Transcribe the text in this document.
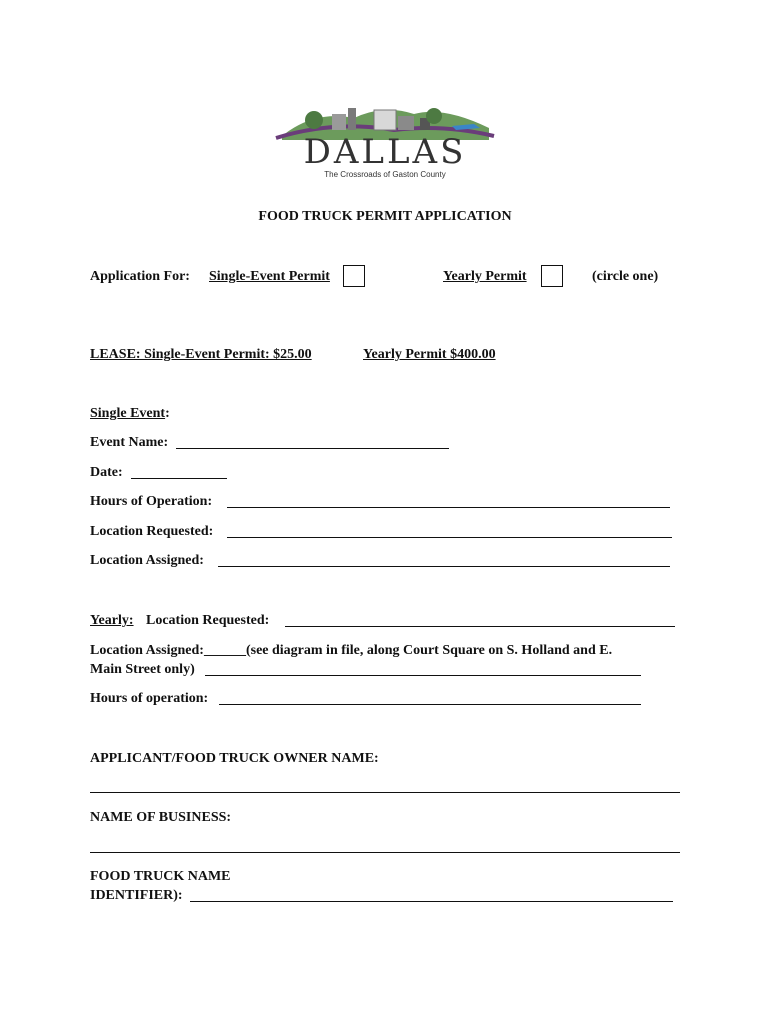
DALLAS
The Crossroads of Gaston County
FOOD TRUCK PERMIT APPLICATION
Application For: Single-Event Permit	Yearly Permit	(circle one)
LEASE: Single-Event Permit: $25.00	Yearly Permit $400.00
Single Event:
Event Name:
Date:
Hours of Operation:
Location Requested:
Location Assigned:
Yearly: Location Requested:
Location Assigned:______(see diagram in file, along Court Square on S. Holland and E.
Main Street only)
Hours of operation:
APPLICANT/FOOD TRUCK OWNER NAME:
NAME OF BUSINESS:
FOOD TRUCK NAME
IDENTIFIER):
